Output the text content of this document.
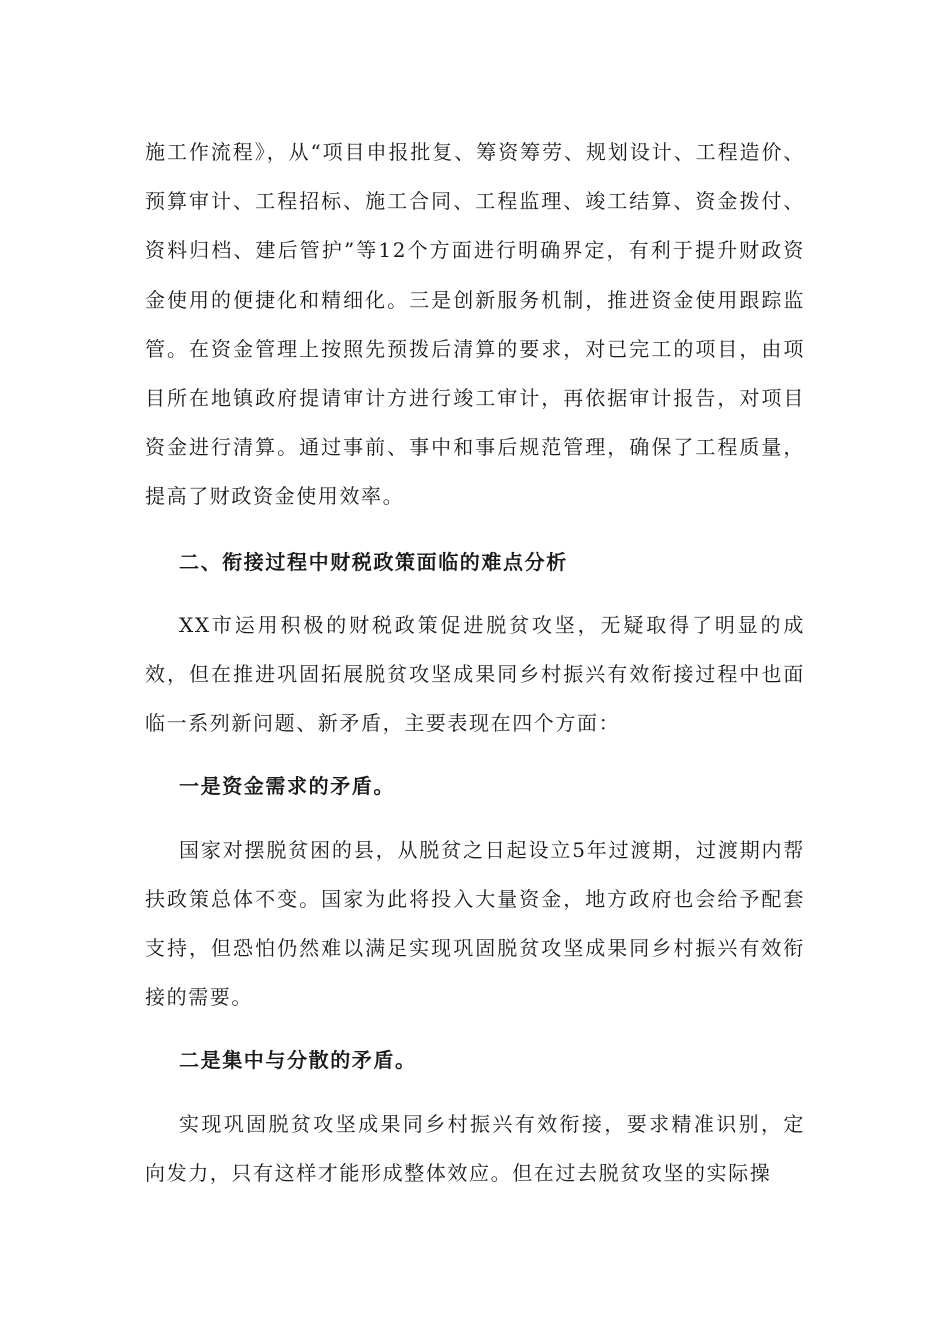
施工作流程》，从“项目申报批复、筹资筹劳、规划设计、工程造价、预算审计、工程招标、施工合同、工程监理、竣工结算、资金拨付、资料归档、建后管护”等12个方面进行明确界定，有利于提升财政资金使用的便捷化和精细化。三是创新服务机制，推进资金使用跟踪监管。在资金管理上按照先预拨后清算的要求，对已完工的项目，由项目所在地镇政府提请审计方进行竣工审计，再依据审计报告，对项目资金进行清算。通过事前、事中和事后规范管理，确保了工程质量，提高了财政资金使用效率。

二、衔接过程中财税政策面临的难点分析

XX市运用积极的财税政策促进脱贫攻坚，无疑取得了明显的成效，但在推进巩固拓展脱贫攻坚成果同乡村振兴有效衔接过程中也面临一系列新问题、新矛盾，主要表现在四个方面：

一是资金需求的矛盾。

国家对摆脱贫困的县，从脱贫之日起设立5年过渡期，过渡期内帮扶政策总体不变。国家为此将投入大量资金，地方政府也会给予配套支持，但恐怕仍然难以满足实现巩固脱贫攻坚成果同乡村振兴有效衔接的需要。

二是集中与分散的矛盾。

实现巩固脱贫攻坚成果同乡村振兴有效衔接，要求精准识别，定向发力，只有这样才能形成整体效应。但在过去脱贫攻坚的实际操
